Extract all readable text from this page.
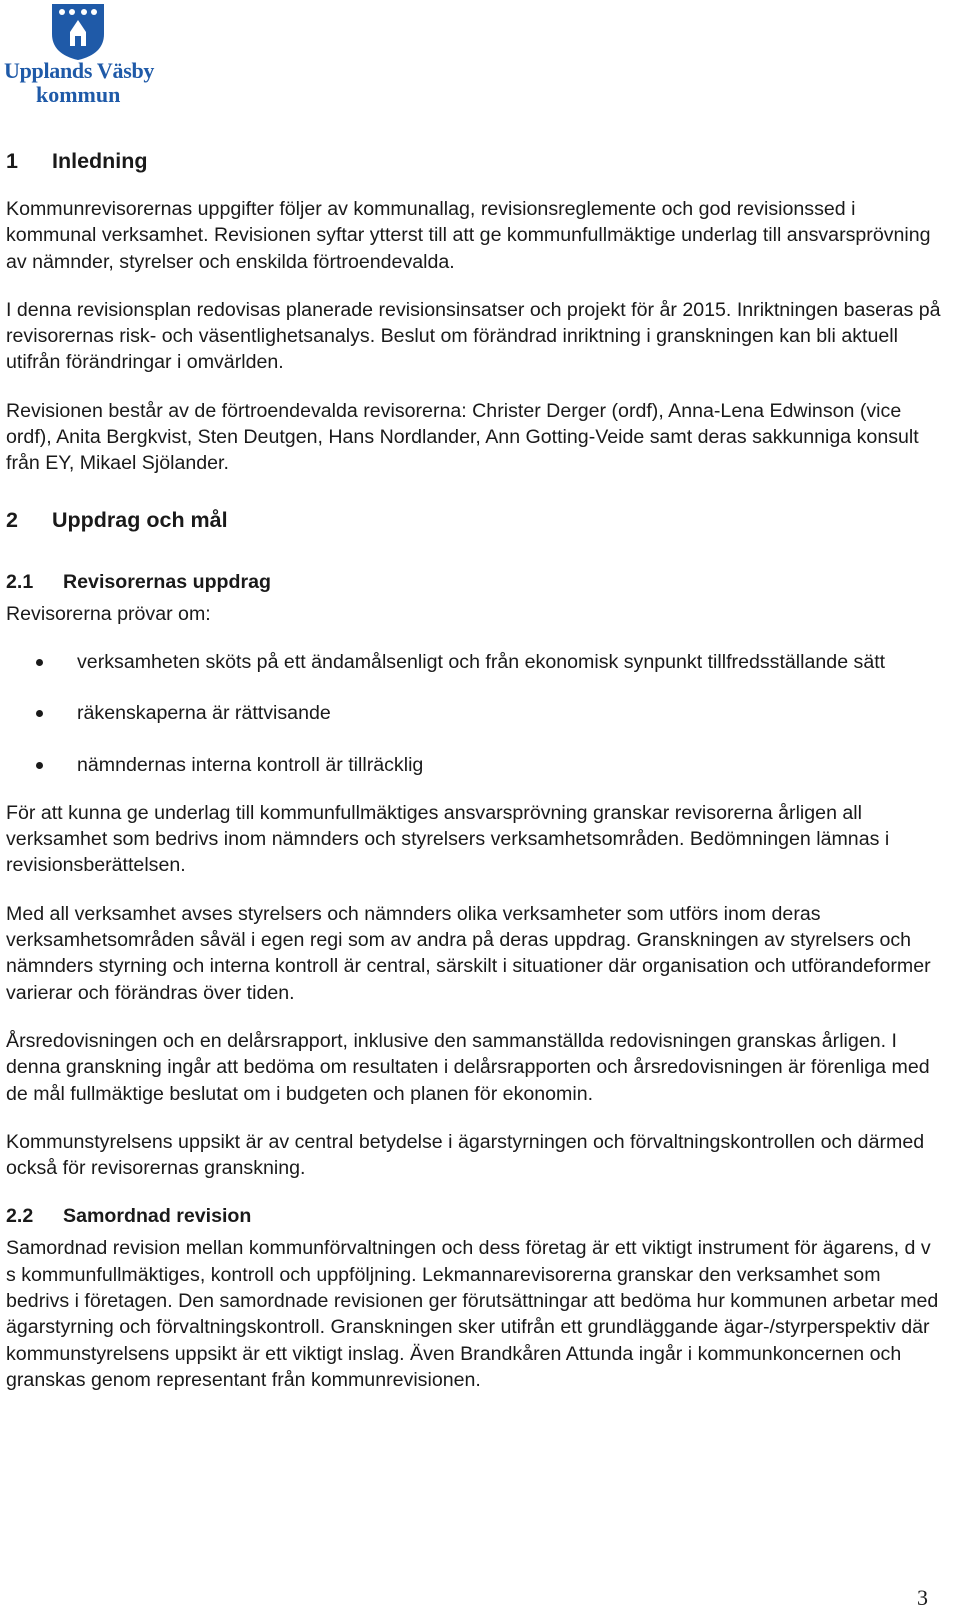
Upplands Väsby
kommun
1 Inledning

Kommunrevisorernas uppgifter följer av kommunallag, revisionsreglemente och god revisionssed i kommunal verksamhet. Revisionen syftar ytterst till att ge kommunfullmäktige underlag till ansvarsprövning av nämnder, styrelser och enskilda förtroendevalda.

I denna revisionsplan redovisas planerade revisionsinsatser och projekt för år 2015. Inriktningen baseras på revisorernas risk- och väsentlighetsanalys. Beslut om förändrad inriktning i granskningen kan bli aktuell utifrån förändringar i omvärlden.

Revisionen består av de förtroendevalda revisorerna: Christer Derger (ordf), Anna-Lena Edwinson (vice ordf), Anita Bergkvist, Sten Deutgen, Hans Nordlander, Ann Gotting-Veide samt deras sakkunniga konsult från EY, Mikael Sjölander.

2 Uppdrag och mål
2.1 Revisorernas uppdrag

Revisorerna prövar om:

verksamheten sköts på ett ändamålsenligt och från ekonomisk synpunkt tillfredsställande sätt
räkenskaperna är rättvisande
nämndernas interna kontroll är tillräcklig

För att kunna ge underlag till kommunfullmäktiges ansvarsprövning granskar revisorerna årligen all verksamhet som bedrivs inom nämnders och styrelsers verksamhetsområden. Bedömningen lämnas i revisionsberättelsen.

Med all verksamhet avses styrelsers och nämnders olika verksamheter som utförs inom deras verksamhetsområden såväl i egen regi som av andra på deras uppdrag. Granskningen av styrelsers och nämnders styrning och interna kontroll är central, särskilt i situationer där organisation och utförandeformer varierar och förändras över tiden.

Årsredovisningen och en delårsrapport, inklusive den sammanställda redovisningen granskas årligen. I denna granskning ingår att bedöma om resultaten i delårsrapporten och årsredovisningen är förenliga med de mål fullmäktige beslutat om i budgeten och planen för ekonomin.

Kommunstyrelsens uppsikt är av central betydelse i ägarstyrningen och förvaltningskontrollen och därmed också för revisorernas granskning.

2.2 Samordnad revision

Samordnad revision mellan kommunförvaltningen och dess företag är ett viktigt instrument för ägarens, d v s kommunfullmäktiges, kontroll och uppföljning. Lekmannarevisorerna granskar den verksamhet som bedrivs i företagen. Den samordnade revisionen ger förutsättningar att bedöma hur kommunen arbetar med ägarstyrning och förvaltningskontroll. Granskningen sker utifrån ett grundläggande ägar-/styrperspektiv där kommunstyrelsens uppsikt är ett viktigt inslag. Även Brandkåren Attunda ingår i kommunkoncernen och granskas genom representant från kommunrevisionen.

3
